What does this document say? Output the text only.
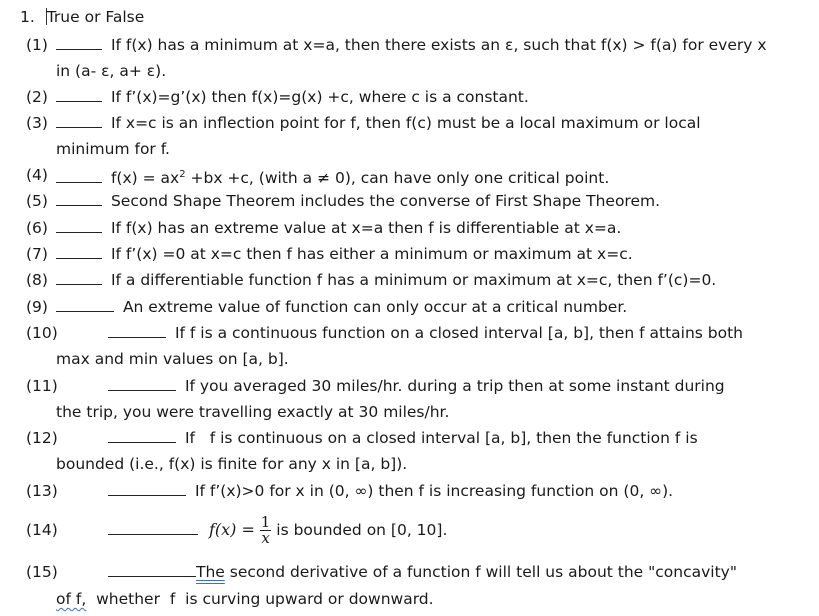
1. True or False
(1)	If f(x) has a minimum at x=a, then there exists an ε, such that f(x) > f(a) for every x
in (a- ε, a+ ε).
(2)	If f’(x)=g’(x) then f(x)=g(x) +c, where c is a constant.
(3)	If x=c is an inflection point for f, then f(c) must be a local maximum or local
minimum for f.
(4)	$f(x) = ax^2 +bx +c$, (with a ≠ 0), can have only one critical point.
(5)	Second Shape Theorem includes the converse of First Shape Theorem.
(6)	If f(x) has an extreme value at x=a then f is differentiable at x=a.
(7)	If f’(x) =0 at x=c then f has either a minimum or maximum at x=c.
(8)	If a differentiable function f has a minimum or maximum at x=c, then f’(c)=0.
(9)	An extreme value of function can only occur at a critical number.
(10)	If f is a continuous function on a closed interval [a, b], then f attains both
max and min values on [a, b].
(11)	If you averaged 30 miles/hr. during a trip then at some instant during
the trip, you were travelling exactly at 30 miles/hr.
(12)	If   f is continuous on a closed interval [a, b], then the function f is
bounded (i.e., f(x) is finite for any x in [a, b]).
(13)	If f’(x)>0 for x in (0, ∞) then f is increasing function on (0, ∞).
(14)	$f(x) = \frac{1}{x}$ is bounded on [0, 10].
(15)	The second derivative of a function f will tell us about the "concavity"
of f,  whether  f  is curving upward or downward.
